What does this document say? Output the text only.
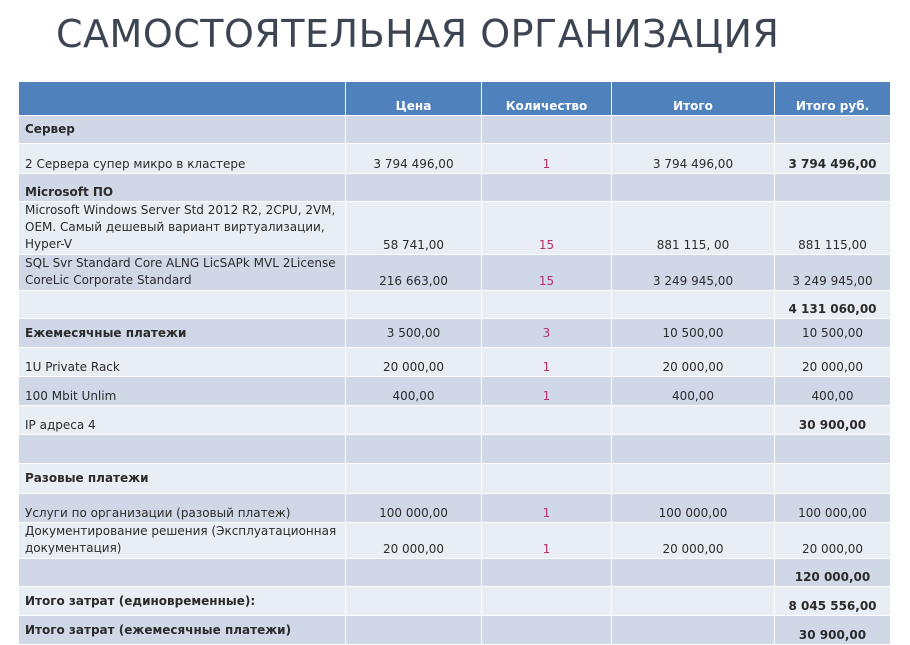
САМОСТОЯТЕЛЬНАЯ ОРГАНИЗАЦИЯ
	Цена	Количество	Итого	Итого руб.
Сервер				
2 Сервера супер микро в кластере	3 794 496,00	1	3 794 496,00	3 794 496,00
Microsoft ПО				
Microsoft Windows Server Std 2012 R2, 2CPU, 2VM, OEM. Самый дешевый вариант виртуализации, Hyper-V	58 741,00	15	881 115, 00	881 115,00
SQL Svr Standard Core ALNG LicSAPk MVL 2License CoreLic Corporate Standard	216 663,00	15	3 249 945,00	3 249 945,00
				4 131 060,00
Ежемесячные платежи	3 500,00	3	10 500,00	10 500,00
1U Private Rack	20 000,00	1	20 000,00	20 000,00
100 Mbit Unlim	400,00	1	400,00	400,00
IP адреса 4				30 900,00

Разовые платежи				
Услуги по организации (разовый платеж)	100 000,00	1	100 000,00	100 000,00
Документирование решения (Эксплуатационная документация)	20 000,00	1	20 000,00	20 000,00
				120 000,00
Итого затрат (единовременные):				8 045 556,00
Итого затрат (ежемесячные платежи)				30 900,00
